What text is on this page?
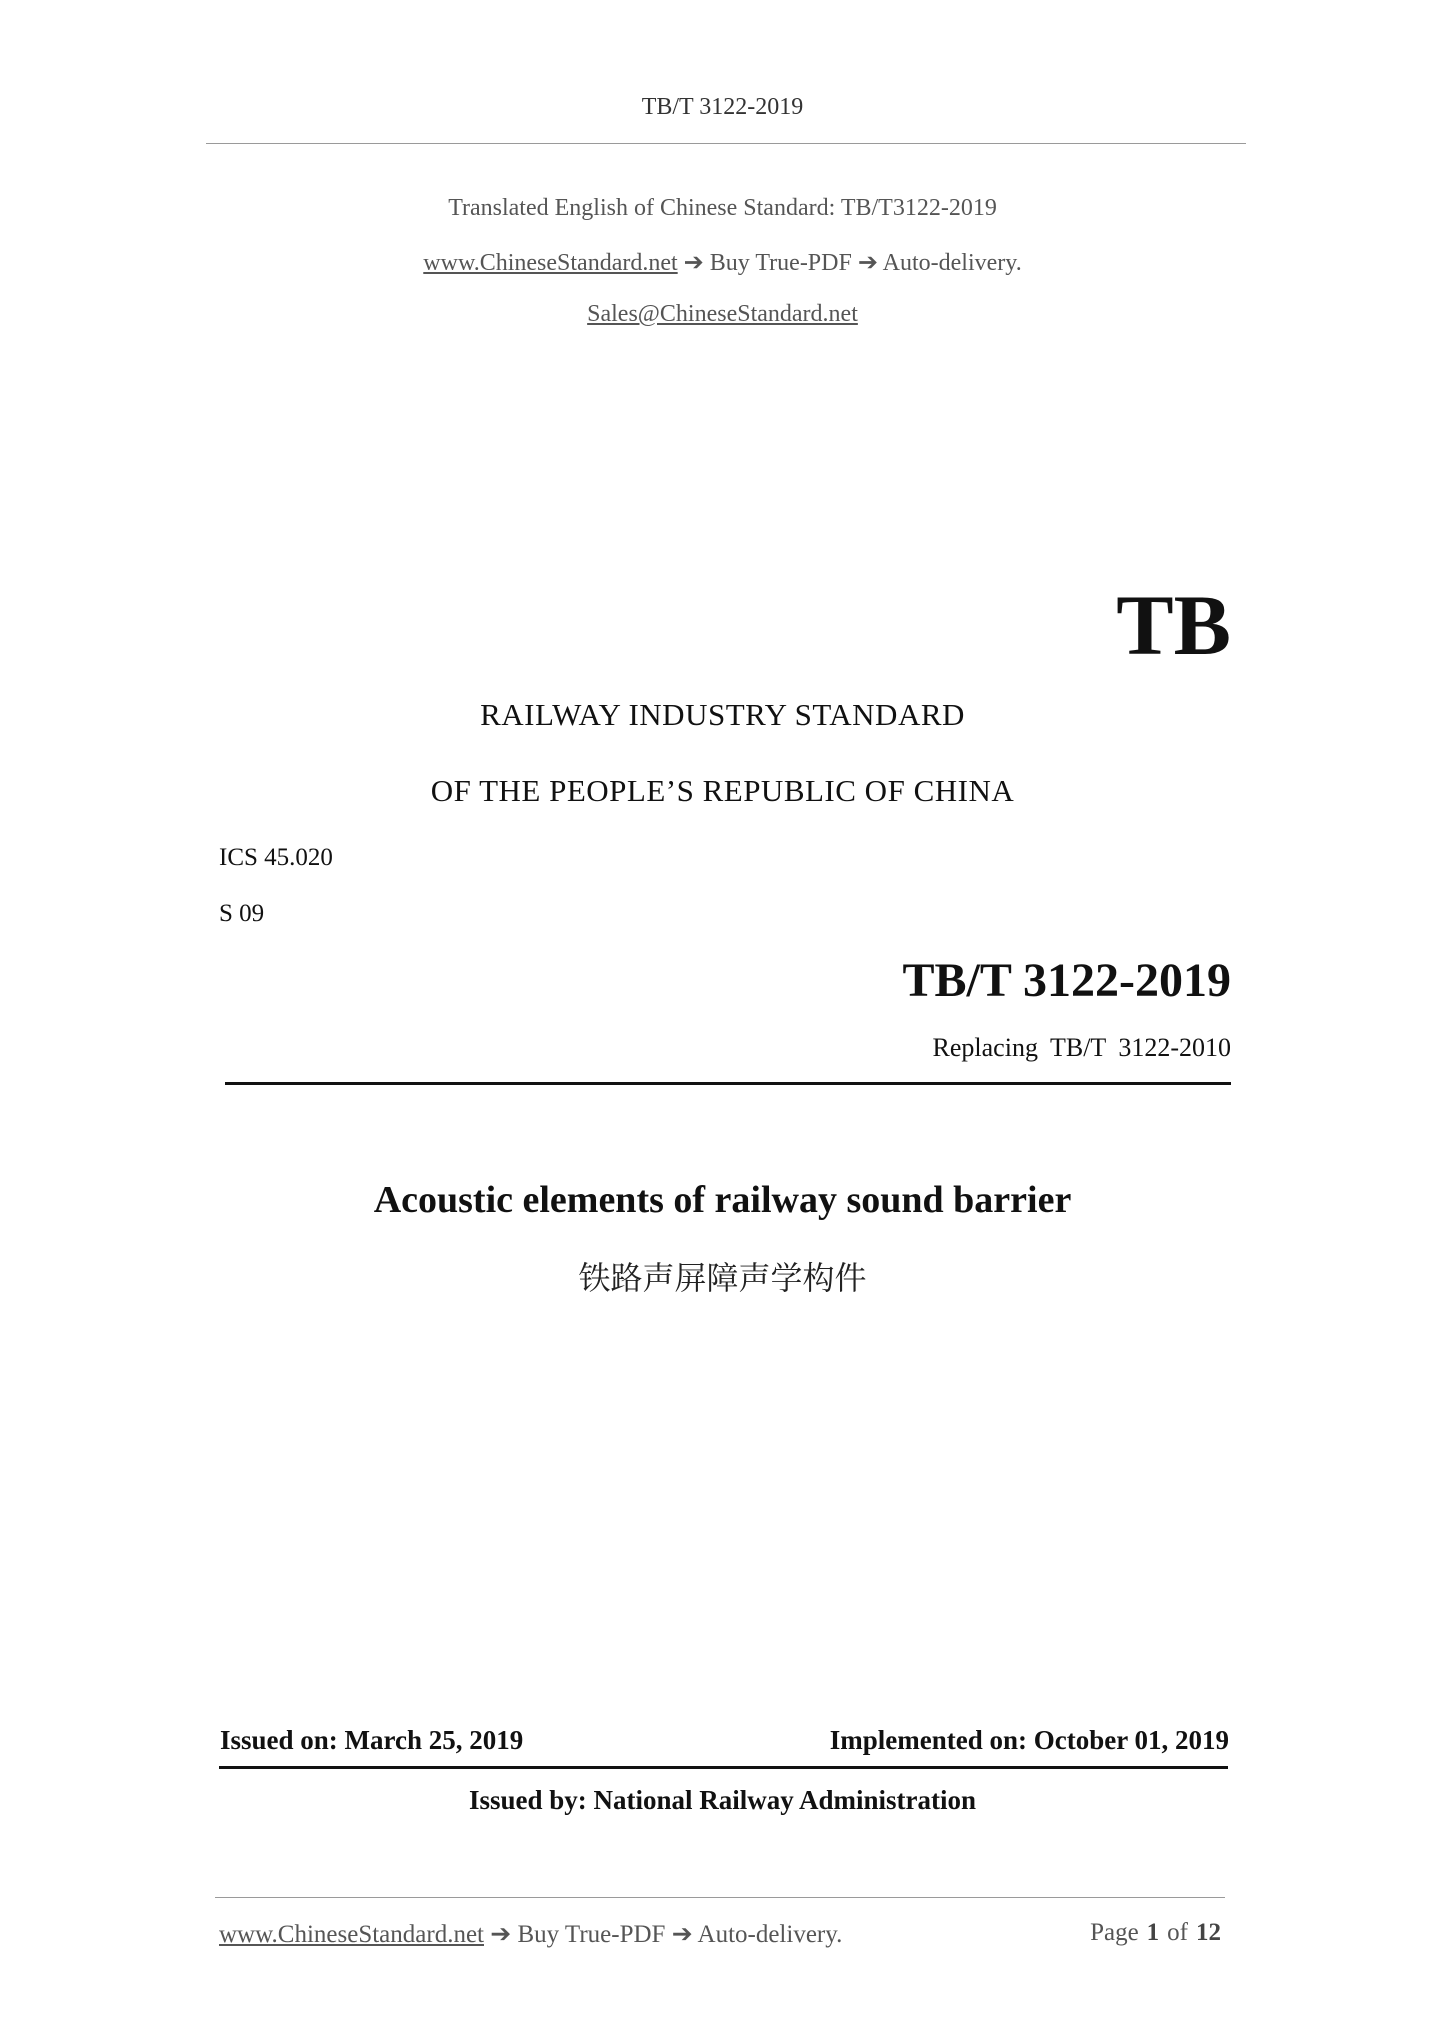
TB/T 3122-2019
Translated English of Chinese Standard: TB/T3122-2019
www.ChineseStandard.net ➔ Buy True-PDF ➔ Auto-delivery.
Sales@ChineseStandard.net
TB
RAILWAY INDUSTRY STANDARD
OF THE PEOPLE’S REPUBLIC OF CHINA
ICS 45.020
S 09
TB/T 3122-2019
Replacing TB/T 3122-2010
Acoustic elements of railway sound barrier
铁路声屏障声学构件
Issued on: March 25, 2019	Implemented on: October 01, 2019
Issued by: National Railway Administration
www.ChineseStandard.net ➔ Buy True-PDF ➔ Auto-delivery.	Page 1 of 12
